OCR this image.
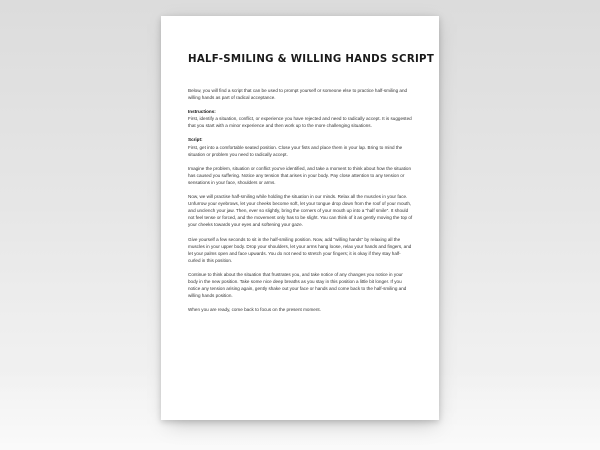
HALF-SMILING & WILLING HANDS SCRIPT

Below, you will find a script that can be used to prompt yourself or someone else to practice half-smiling and willing hands as part of radical acceptance.

Instructions:
First, identify a situation, conflict, or experience you have rejected and need to radically accept. It is suggested that you start with a minor experience and then work up to the more challenging situations.

Script:
First, get into a comfortable seated position. Close your fists and place them in your lap. Bring to mind the situation or problem you need to radically accept.

Imagine the problem, situation or conflict you've identified, and take a moment to think about how the situation has caused you suffering. Notice any tension that arises in your body. Pay close attention to any tension or sensations in your face, shoulders or arms.

Now, we will practise half-smiling while holding the situation in our minds. Relax all the muscles in your face. Unfurrow your eyebrows, let your cheeks become soft, let your tongue drop down from the roof of your mouth, and unclench your jaw. Then, ever so slightly, bring the corners of your mouth up into a "half smile". It should not feel tense or forced, and the movement only has to be slight. You can think of it as gently moving the top of your cheeks towards your eyes and softening your gaze.

Give yourself a few seconds to sit in the half-smiling position. Now, add "willing hands" by relaxing all the muscles in your upper body. Drop your shoulders, let your arms hang loose, relax your hands and fingers, and let your palms open and face upwards. You do not need to stretch your fingers; it is okay if they stay half-curled in this position.

Continue to think about the situation that frustrates you, and take notice of any changes you notice in your body in the new position. Take some nice deep breaths as you stay in this position a little bit longer. If you notice any tension arising again, gently shake out your face or hands and come back to the half-smiling and willing hands position.

When you are ready, come back to focus on the present moment.
